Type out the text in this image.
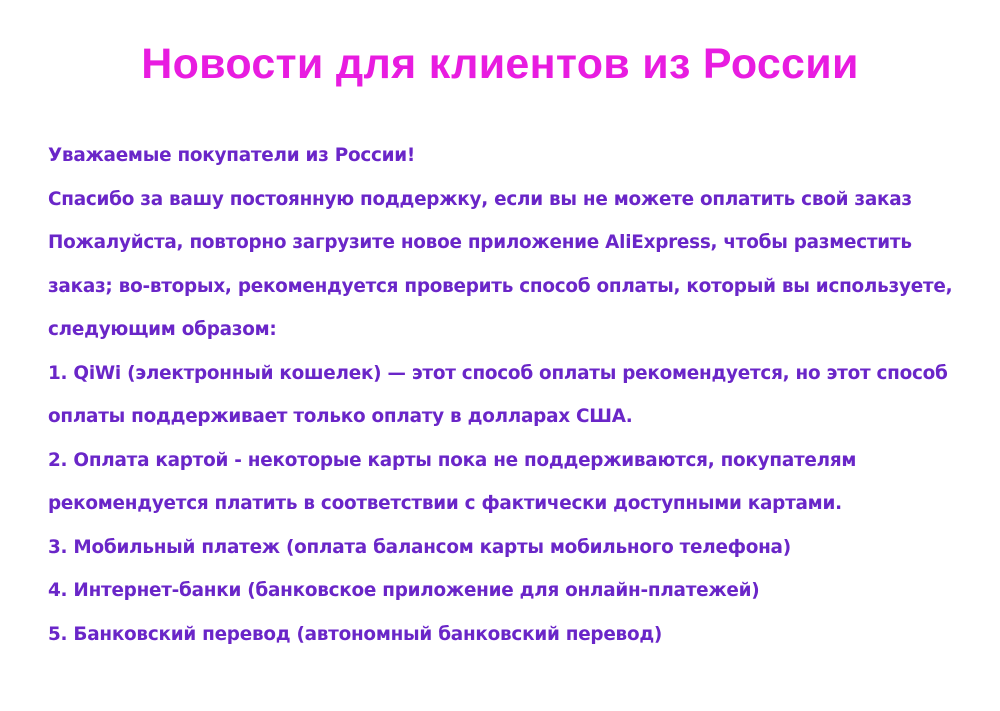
Новости для клиентов из России
Уважаемые покупатели из России!
Спасибо за вашу постоянную поддержку, если вы не можете оплатить свой заказ
Пожалуйста, повторно загрузите новое приложение AliExpress, чтобы разместить
заказ; во-вторых, рекомендуется проверить способ оплаты, который вы используете,
следующим образом:
1. QiWi (электронный кошелек) — этот способ оплаты рекомендуется, но этот способ
оплаты поддерживает только оплату в долларах США.
2. Оплата картой - некоторые карты пока не поддерживаются, покупателям
рекомендуется платить в соответствии с фактически доступными картами.
3. Мобильный платеж (оплата балансом карты мобильного телефона)
4. Интернет-банки (банковское приложение для онлайн-платежей)
5. Банковский перевод (автономный банковский перевод)
